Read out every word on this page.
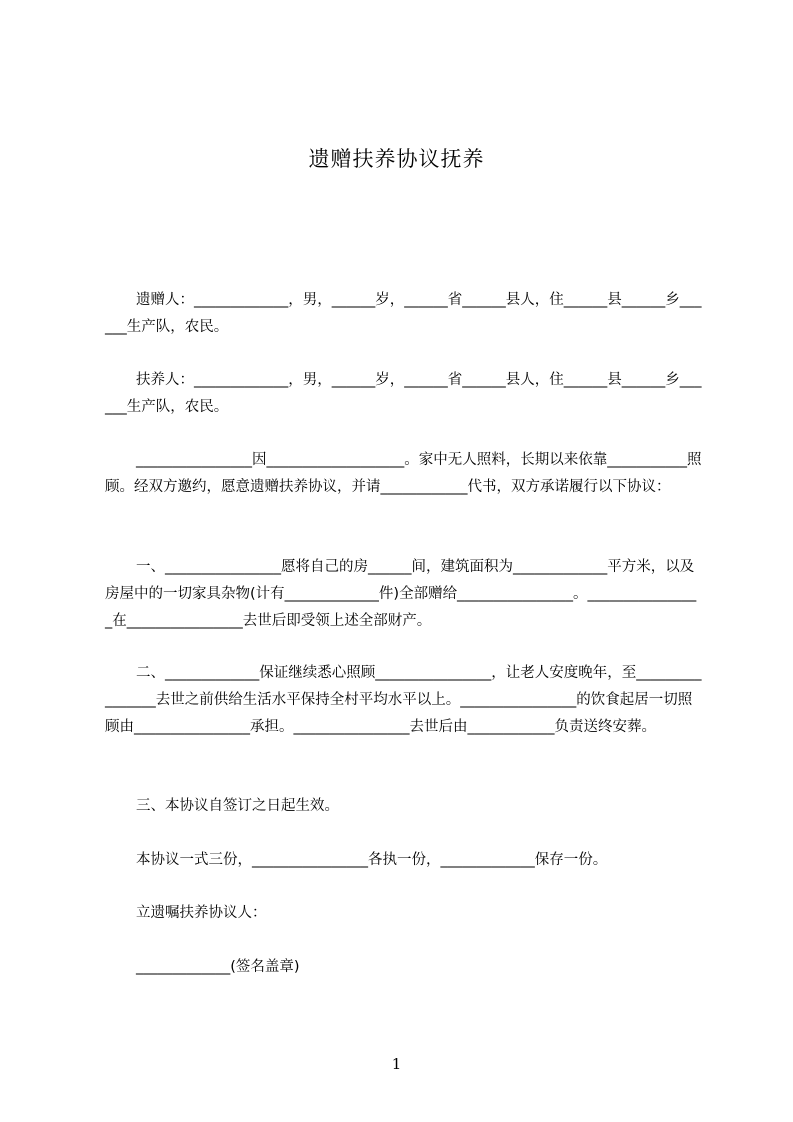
遗赠扶养协议抚养

遗赠人：_____________，男，______岁，______省______县人，住______县______乡______生产队，农民。

扶养人：_____________，男，______岁，______省______县人，住______县______乡______生产队，农民。

________________因___________________。家中无人照料，长期以来依靠___________照顾。经双方邀约，愿意遗赠扶养协议，并请____________代书，双方承诺履行以下协议：

一、________________愿将自己的房______间，建筑面积为_____________平方米，以及房屋中的一切家具杂物(计有_____________件)全部赠给________________。________________在________________去世后即受领上述全部财产。

二、_____________保证继续悉心照顾________________，让老人安度晚年，至________________去世之前供给生活水平保持全村平均水平以上。________________的饮食起居一切照顾由________________承担。________________去世后由____________负责送终安葬。

三、本协议自签订之日起生效。

本协议一式三份，________________各执一份，_____________保存一份。

立遗嘱扶养协议人：

_____________(签名盖章)

1
